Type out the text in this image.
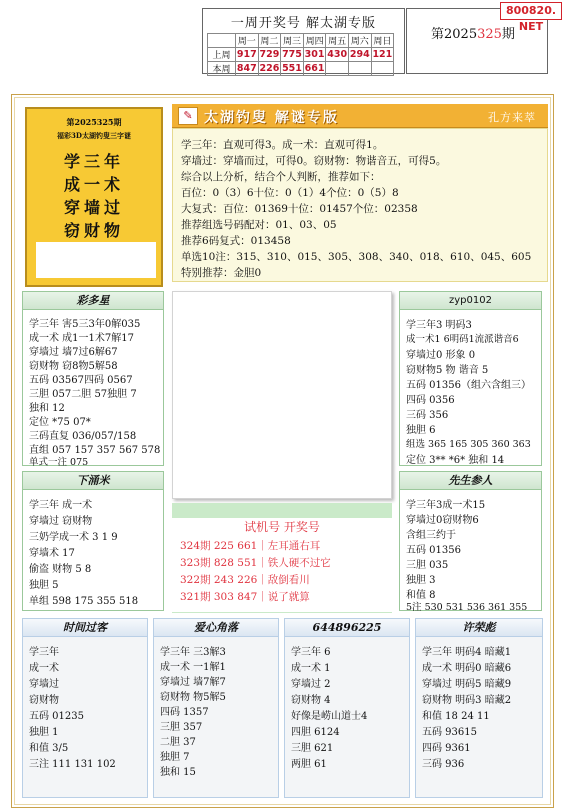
一周开奖号 解太湖专版
	周一	周二	周三	周四	周五	周六	周日
上周	917	729	775	301	430	294	121
本周	847	226	551	661			
第2025325期
800820. NET
第2025325期
福彩3D太湖钓叟三字谜
学三年
成一术
穿墙过
窃财物
✎ 太湖钓叟 解谜专版	孔方来萃
学三年：直观可得3。成一术：直观可得1。
穿墙过：穿墙而过，可得0。窃财物：物谐音五，可得5。
综合以上分析，结合个人判断，推荐如下：
百位：0（3）6十位：0（1）4个位：0（5）8
大复式：百位：01369十位：01457个位：02358
推荐组选号码配对：01、03、05
推荐6码复式：013458
单选10注：315、310、015、305、308、340、018、610、045、605
特别推荐：金胆0
彩多星
学三年 害5三3年0解035
成一术 成1一1术7解17
穿墙过 墙7过6解67
窃财物 窃8物5解58
五码 03567四码 0567
三胆 057二胆 57独胆 7
独和 12
定位 *75 07*
三码直复 036/057/158
直组 057 157 357 567 578
单式一注 075
zyp0102
学三年3 明码3
成一术1 6明码1流派谐音6
穿墙过0 形象 0
窃财物5 物 谐音 5
五码 01356（组六含组三）
四码 0356
三码 356
独胆 6
组选 365 165 305 360 363
定位 3** *6* 独和 14
试机号 开奖号
324期 225 661｜左耳通右耳
323期 828 551｜铁人硬不过它
322期 243 226｜敌倒看川
321期 303 847｜说了就算
下涌米
学三年 成一术
穿墙过 窃财物
三奶学成一术 3 1 9
穿墙术 17
偷盗 财物 5 8
独胆 5
单组 598 175 355 518
先生参人
学三年3成一术15
穿墙过0窃财物6
含组三约于
五码 01356
三胆 035
独胆 3
和值 8
5注 530 531 536 361 355
时间过客
学三年
成一术
穿墙过
窃财物
五码 01235
独胆 1
和值 3/5
三注 111 131 102
爱心角落
学三年 三3解3
成一术 一1解1
穿墙过 墙7解7
窃财物 物5解5
四码 1357
三胆 357
二胆 37
独胆 7
独和 15
644896225
学三年 6
成一术 1
穿墙过 2
窃财物 4
好像是崂山道士4
四胆 6124
三胆 621
两胆 61
许荣彪
学三年 明码4 暗藏1
成一术 明码0 暗藏6
穿墙过 明码5 暗藏9
窃财物 明码3 暗藏2
和值 18 24 11
五码 93615
四码 9361
三码 936
